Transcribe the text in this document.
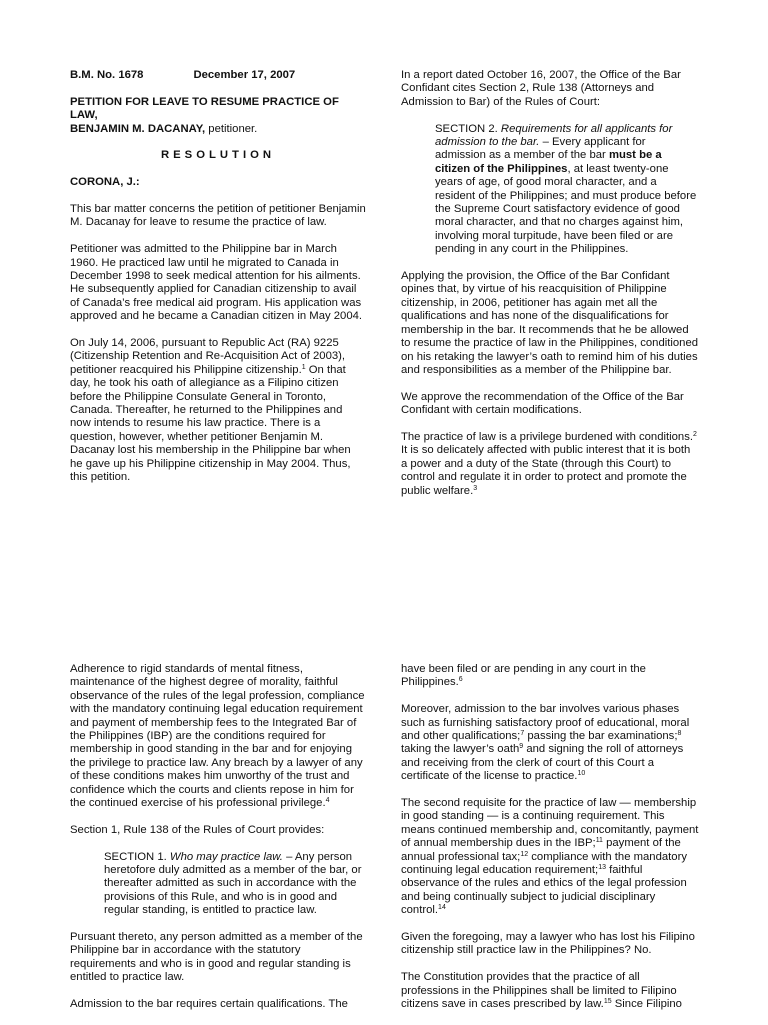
B.M. No. 1678	December 17, 2007
PETITION FOR LEAVE TO RESUME PRACTICE OF LAW,
BENJAMIN M. DACANAY, petitioner.
RESOLUTION
CORONA, J.:

This bar matter concerns the petition of petitioner Benjamin M. Dacanay for leave to resume the practice of law.

Petitioner was admitted to the Philippine bar in March 1960. He practiced law until he migrated to Canada in December 1998 to seek medical attention for his ailments. He subsequently applied for Canadian citizenship to avail of Canada’s free medical aid program. His application was approved and he became a Canadian citizen in May 2004.

On July 14, 2006, pursuant to Republic Act (RA) 9225 (Citizenship Retention and Re-Acquisition Act of 2003), petitioner reacquired his Philippine citizenship.$^1$ On that day, he took his oath of allegiance as a Filipino citizen before the Philippine Consulate General in Toronto, Canada. Thereafter, he returned to the Philippines and now intends to resume his law practice. There is a question, however, whether petitioner Benjamin M. Dacanay lost his membership in the Philippine bar when he gave up his Philippine citizenship in May 2004. Thus, this petition.

In a report dated October 16, 2007, the Office of the Bar Confidant cites Section 2, Rule 138 (Attorneys and Admission to Bar) of the Rules of Court:

SECTION 2. Requirements for all applicants for admission to the bar. – Every applicant for admission as a member of the bar must be a citizen of the Philippines, at least twenty-one years of age, of good moral character, and a resident of the Philippines; and must produce before the Supreme Court satisfactory evidence of good moral character, and that no charges against him, involving moral turpitude, have been filed or are pending in any court in the Philippines.

Applying the provision, the Office of the Bar Confidant opines that, by virtue of his reacquisition of Philippine citizenship, in 2006, petitioner has again met all the qualifications and has none of the disqualifications for membership in the bar. It recommends that he be allowed to resume the practice of law in the Philippines, conditioned on his retaking the lawyer’s oath to remind him of his duties and responsibilities as a member of the Philippine bar.

We approve the recommendation of the Office of the Bar Confidant with certain modifications.

The practice of law is a privilege burdened with conditions.$^2$ It is so delicately affected with public interest that it is both a power and a duty of the State (through this Court) to control and regulate it in order to protect and promote the public welfare.$^3$

Adherence to rigid standards of mental fitness, maintenance of the highest degree of morality, faithful observance of the rules of the legal profession, compliance with the mandatory continuing legal education requirement and payment of membership fees to the Integrated Bar of the Philippines (IBP) are the conditions required for membership in good standing in the bar and for enjoying the privilege to practice law. Any breach by a lawyer of any of these conditions makes him unworthy of the trust and confidence which the courts and clients repose in him for the continued exercise of his professional privilege.$^4$

Section 1, Rule 138 of the Rules of Court provides:

SECTION 1. Who may practice law. – Any person heretofore duly admitted as a member of the bar, or thereafter admitted as such in accordance with the provisions of this Rule, and who is in good and regular standing, is entitled to practice law.

Pursuant thereto, any person admitted as a member of the Philippine bar in accordance with the statutory requirements and who is in good and regular standing is entitled to practice law.

Admission to the bar requires certain qualifications. The

have been filed or are pending in any court in the Philippines.$^6$

Moreover, admission to the bar involves various phases such as furnishing satisfactory proof of educational, moral and other qualifications;$^7$ passing the bar examinations;$^8$ taking the lawyer’s oath$^9$ and signing the roll of attorneys and receiving from the clerk of court of this Court a certificate of the license to practice.$^{10}$

The second requisite for the practice of law — membership in good standing — is a continuing requirement. This means continued membership and, concomitantly, payment of annual membership dues in the IBP;$^{11}$ payment of the annual professional tax;$^{12}$ compliance with the mandatory continuing legal education requirement;$^{13}$ faithful observance of the rules and ethics of the legal profession and being continually subject to judicial disciplinary control.$^{14}$

Given the foregoing, may a lawyer who has lost his Filipino citizenship still practice law in the Philippines? No.

The Constitution provides that the practice of all professions in the Philippines shall be limited to Filipino citizens save in cases prescribed by law.$^{15}$ Since Filipino
